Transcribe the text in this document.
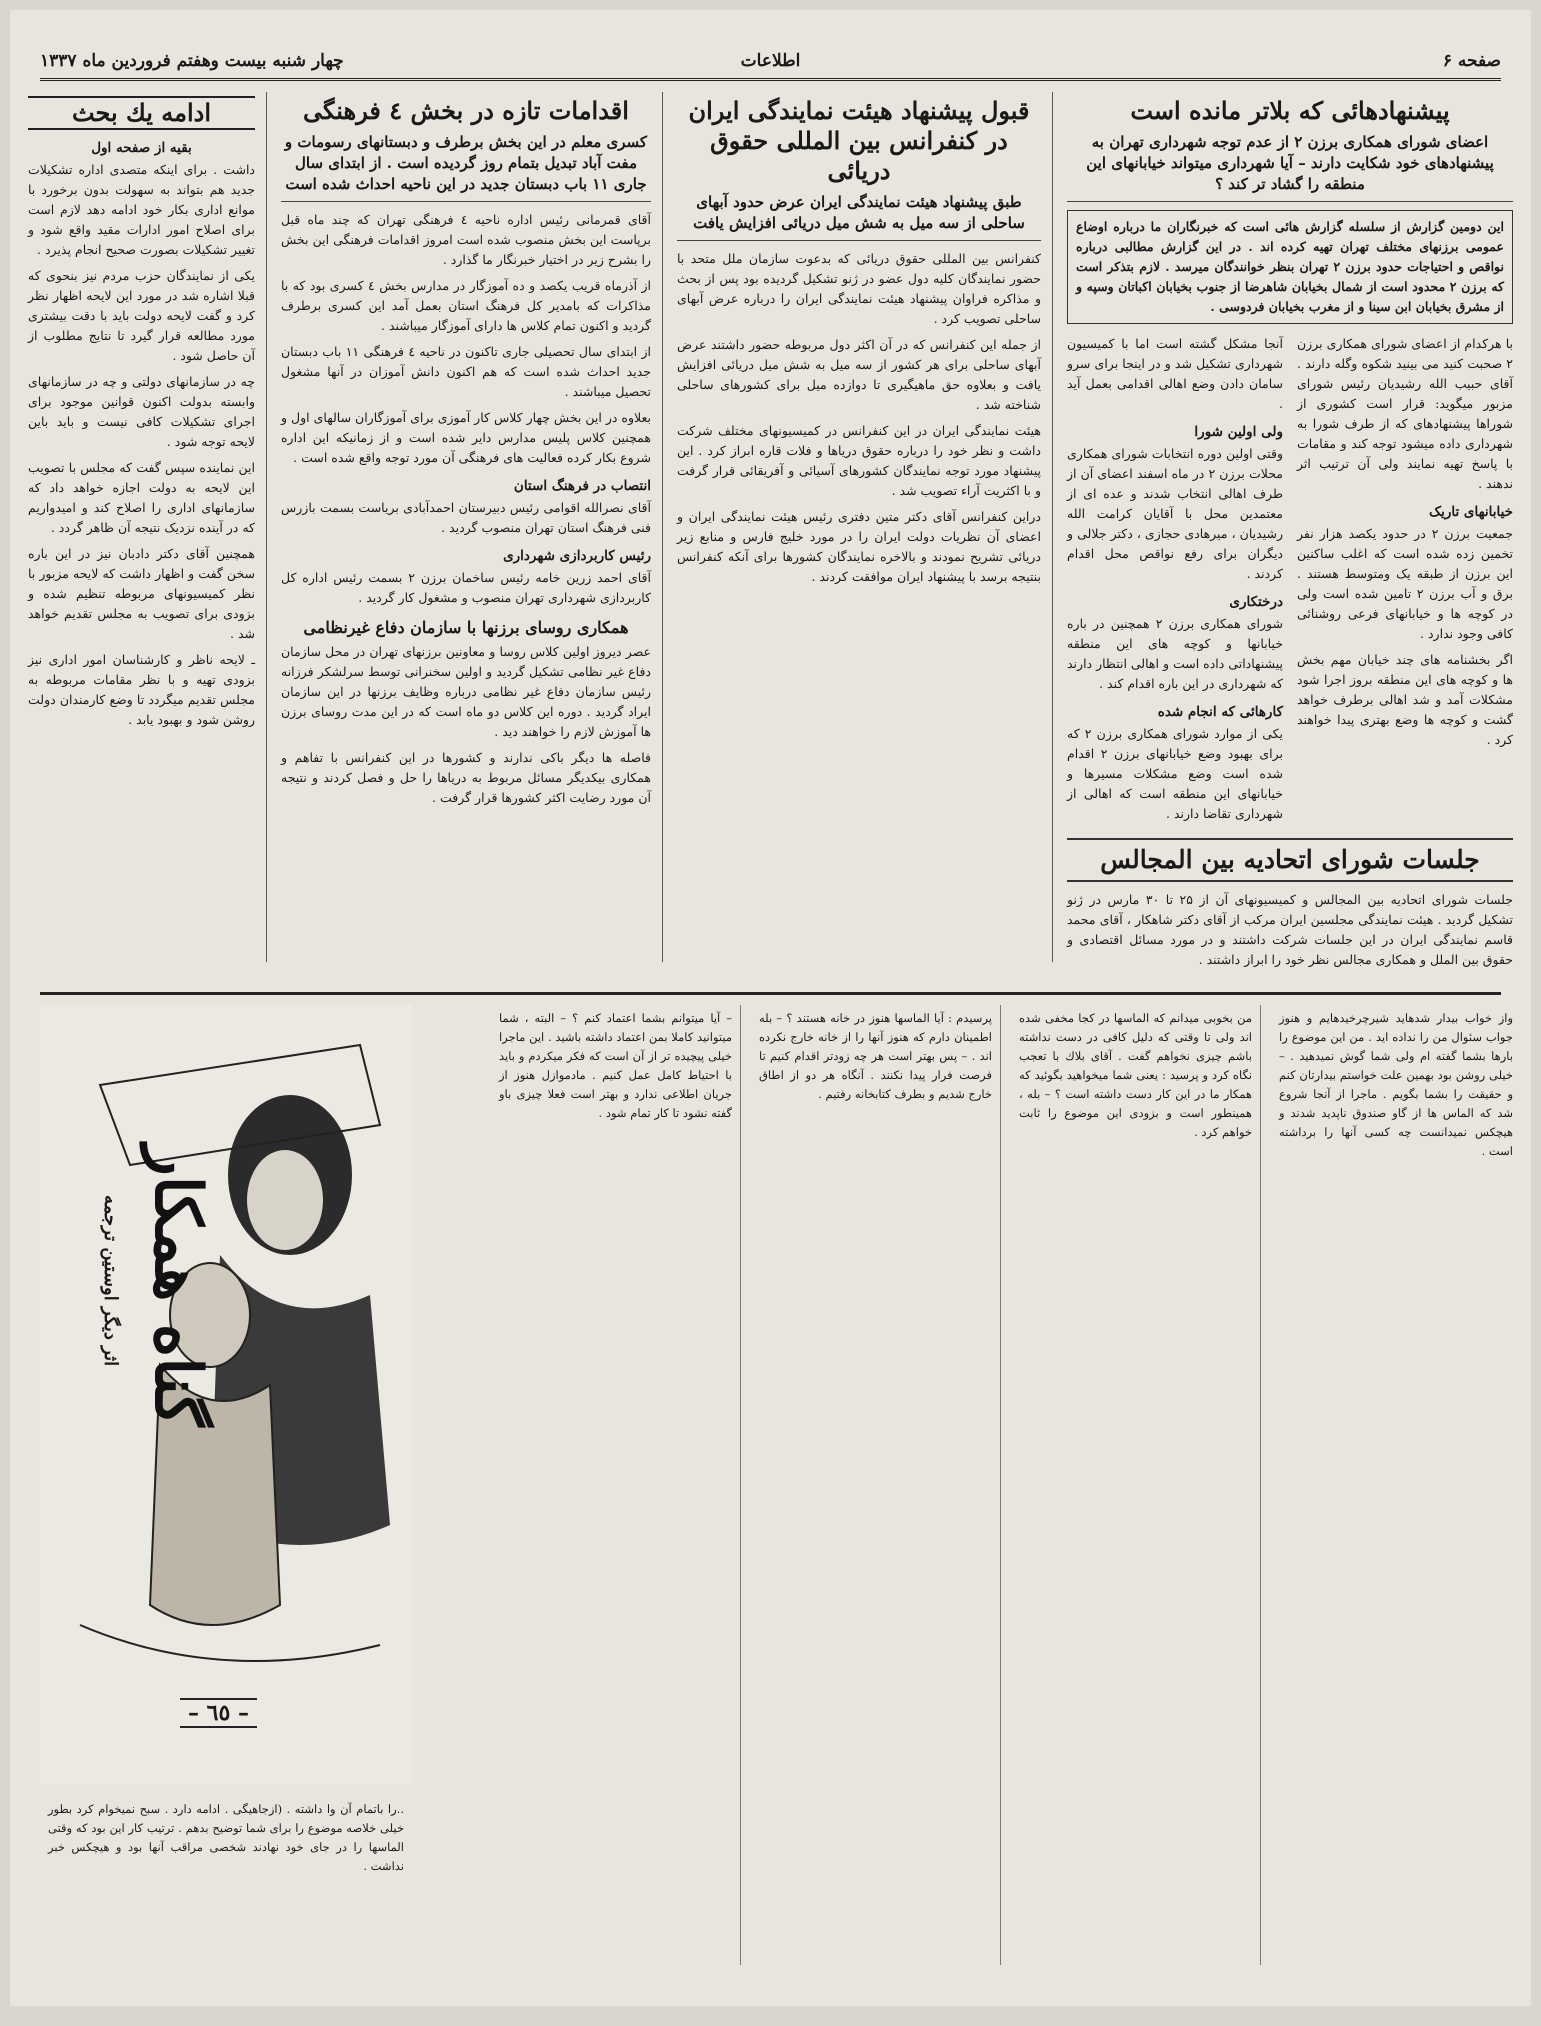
صفحه ۶
اطلاعات
چهار شنبه بیست وهفتم فروردین ماه ۱۳۳۷
پیشنهادهائی که بلاتر مانده است
اعضای شورای همکاری برزن ۲ از عدم توجه شهرداری تهران به پیشنهادهای خود شکایت دارند – آیا شهرداری میتواند خیابانهای این منطقه را گشاد تر کند ؟
این دومین گزارش از سلسله گزارش هائی است که خبرنگاران ما درباره اوضاع عمومی برزنهای مختلف تهران تهیه کرده اند . در این گزارش مطالبی درباره نواقص و احتیاجات حدود برزن ۲ تهران بنظر خوانندگان میرسد . لازم بتذکر است که برزن ۲ محدود است از شمال بخیابان شاهرضا از جنوب بخیابان اکباتان وسپه و از مشرق بخیابان ابن سینا و از مغرب بخیابان فردوسی .

با هرکدام از اعضای شورای همکاری برزن ۲ صحبت کنید می بینید شکوه وگله دارند . آقای حبیب الله رشیدیان رئیس شورای مزبور میگوید: قرار است کشوری از شوراها پیشنهادهای که از طرف شورا به شهرداری داده میشود توجه کند و مقامات با پاسخ تهیه نمایند ولی آن ترتیب اثر ندهند .

خیابانهای تاریک

جمعیت برزن ۲ در حدود یکصد هزار نفر تخمین زده شده است که اغلب ساکنین این برزن از طبقه یک ومتوسط هستند . برق و آب برزن ۲ تامین شده است ولی در کوچه ها و خیابانهای فرعی روشنائی کافی وجود ندارد .

اگر بخشنامه های چند خیابان مهم بخش ها و کوچه های این منطقه بروز اجرا شود مشکلات آمد و شد اهالی برطرف خواهد گشت و کوچه ها وضع بهتری پیدا خواهند کرد .

آنجا مشکل گشته است اما با کمیسیون شهرداری تشکیل شد و در اینجا برای سرو سامان دادن وضع اهالی اقدامی بعمل آید .

ولی اولین شورا

وقتی اولین دوره انتخابات شورای همکاری محلات برزن ۲ در ماه اسفند اعضای آن از طرف اهالی انتخاب شدند و عده ای از معتمدین محل با آقایان کرامت الله رشیدیان ، میرهادی حجازی ، دکتر جلالی و دیگران برای رفع نواقص محل اقدام کردند .

درختکاری

شورای همکاری برزن ۲ همچنین در باره خیابانها و کوچه های این منطقه پیشنهاداتی داده است و اهالی انتظار دارند که شهرداری در این باره اقدام کند .

کارهائی که انجام شده

یکی از موارد شورای همکاری برزن ۲ که برای بهبود وضع خیابانهای برزن ۲ اقدام شده است وضع مشکلات مسیرها و خیابانهای این منطقه است که اهالی از شهرداری تقاضا دارند .

جلسات شورای اتحادیه بین المجالس

جلسات شورای اتحادیه بین المجالس و کمیسیونهای آن از ۲۵ تا ۳۰ مارس در ژنو تشکیل گردید . هیئت نمایندگی مجلسین ایران مرکب از آقای دکتر شاهکار ، آقای محمد قاسم نمایندگی ایران در این جلسات شرکت داشتند و در مورد مسائل اقتصادی و حقوق بین الملل و همکاری مجالس نظر خود را ابراز داشتند .

قبول پیشنهاد هیئت نمایندگی ایران در کنفرانس بین المللی حقوق دریائی
طبق پیشنهاد هیئت نمایندگی ایران عرض حدود آبهای ساحلی از سه میل به شش میل دریائی افزایش یافت

کنفرانس بین المللی حقوق دریائی که بدعوت سازمان ملل متحد با حضور نمایندگان کلیه دول عضو در ژنو تشکیل گردیده بود پس از بحث و مذاکره فراوان پیشنهاد هیئت نمایندگی ایران را درباره عرض آبهای ساحلی تصویب کرد .

از جمله این کنفرانس که در آن اکثر دول مربوطه حضور داشتند عرض آبهای ساحلی برای هر کشور از سه میل به شش میل دریائی افزایش یافت و بعلاوه حق ماهیگیری تا دوازده میل برای کشورهای ساحلی شناخته شد .

هیئت نمایندگی ایران در این کنفرانس در کمیسیونهای مختلف شرکت داشت و نظر خود را درباره حقوق دریاها و فلات قاره ابراز کرد . این پیشنهاد مورد توجه نمایندگان کشورهای آسیائی و آفریقائی قرار گرفت و با اکثریت آراء تصویب شد .

دراین کنفرانس آقای دکتر متین دفتری رئیس هیئت نمایندگی ایران و اعضای آن نظریات دولت ایران را در مورد خلیج فارس و منابع زیر دریائی تشریح نمودند و بالاخره نمایندگان کشورها برای آنکه کنفرانس بنتیجه برسد با پیشنهاد ایران موافقت کردند .

اقدامات تازه در بخش ٤ فرهنگی
کسری معلم در این بخش برطرف و دبستانهای رسومات و مفت آباد تبدیل بتمام روز گردیده است . از ابتدای سال جاری ۱۱ باب دبستان جدید در این ناحیه احداث شده است

آقای قمرمانی رئیس اداره ناحیه ٤ فرهنگی تهران که چند ماه قبل برپاست این بخش منصوب شده است امروز اقدامات فرهنگی این بخش را بشرح زیر در اختیار خبرنگار ما گذارد .

از آذرماه قریب یکصد و ده آموزگار در مدارس بخش ٤ کسری بود که با مذاکرات که بامدیر کل فرهنگ استان بعمل آمد این کسری برطرف گردید و اکنون تمام کلاس ها دارای آموزگار میباشند .

از ابتدای سال تحصیلی جاری تاکنون در ناحیه ٤ فرهنگی ۱۱ باب دبستان جدید احداث شده است که هم اکنون دانش آموزان در آنها مشغول تحصیل میباشند .

بعلاوه در این بخش چهار کلاس کار آموزی برای آموزگاران سالهای اول و همچنین کلاس پلیس مدارس دایر شده است و از زمانیکه این اداره شروع بکار کرده فعالیت های فرهنگی آن مورد توجه واقع شده است .

انتصاب در فرهنگ استان

آقای نصرالله اقوامی رئیس دبیرستان احمدآبادی بریاست بسمت بازرس فنی فرهنگ استان تهران منصوب گردید .

رئیس کاربردازی شهرداری

آقای احمد زرین خامه رئیس ساخمان برزن ۲ بسمت رئیس اداره کل کاربردازی شهرداری تهران منصوب و مشغول کار گردید .

همکاری روسای برزنها با سازمان دفاع غیرنظامی

عصر دیروز اولین کلاس روسا و معاونین برزنهای تهران در محل سازمان دفاع غیر نظامی تشکیل گردید و اولین سخنرانی توسط سرلشکر فرزانه رئیس سازمان دفاع غیر نظامی درباره وظایف برزنها در این سازمان ایراد گردید . دوره این کلاس دو ماه است که در این مدت روسای برزن ها آموزش لازم را خواهند دید .

فاصله ها دیگر باکی ندارند و کشورها در این کنفرانس با تفاهم و همکاری بیکدیگر مسائل مربوط به دریاها را حل و فصل کردند و نتیجه آن مورد رضایت اکثر کشورها قرار گرفت .

ادامه یك بحث
بقیه از صفحه اول

داشت . برای اینکه متصدی اداره تشکیلات جدید هم بتواند به سهولت بدون برخورد با موانع اداری بکار خود ادامه دهد لازم است برای اصلاح امور ادارات مقید واقع شود و تغییر تشکیلات بصورت صحیح انجام پذیرد .

یکی از نمایندگان حزب مردم نیز بنحوی که قبلا اشاره شد در مورد این لایحه اظهار نظر کرد و گفت لایحه دولت باید با دقت بیشتری مورد مطالعه قرار گیرد تا نتایج مطلوب از آن حاصل شود .

چه در سازمانهای دولتی و چه در سازمانهای وابسته بدولت اکنون قوانین موجود برای اجرای تشکیلات کافی نیست و باید باین لایحه توجه شود .

این نماینده سپس گفت که مجلس با تصویب این لایحه به دولت اجازه خواهد داد که سازمانهای اداری را اصلاح کند و امیدواریم که در آینده نزدیک نتیجه آن ظاهر گردد .

همچنین آقای دکتر دادبان نیز در این باره سخن گفت و اظهار داشت که لایحه مزبور با نظر کمیسیونهای مربوطه تنظیم شده و بزودی برای تصویب به مجلس تقدیم خواهد شد .

ـ لایحه ناظر و کارشناسان امور اداری نیز بزودی تهیه و با نظر مقامات مربوطه به مجلس تقدیم میگردد تا وضع کارمندان دولت روشن شود و بهبود یابد .

واز خواب بیدار شدهاید شیرچرخیدهایم و هنوز جواب سئوال من را نداده اید . من این موضوع را بارها بشما گفته ام ولی شما گوش نمیدهید . – خیلی روشن بود بهمین علت خواستم بیدارتان کنم و حقیقت را بشما بگویم . ماجرا از آنجا شروع شد که الماس ها از گاو صندوق ناپدید شدند و هیچکس نمیدانست چه کسی آنها را برداشته است .
من بخوبی میدانم که الماسها در کجا مخفی شده اند ولی تا وقتی که دلیل کافی در دست نداشته باشم چیزی نخواهم گفت . آقای بلاك با تعجب نگاه کرد و پرسید : یعنی شما میخواهید بگوئید که همکار ما در این کار دست داشته است ؟ – بله ، همینطور است و بزودی این موضوع را ثابت خواهم کرد .
پرسیدم : آیا الماسها هنوز در خانه هستند ؟ – بله اطمینان دارم که هنوز آنها را از خانه خارج نکرده اند . – پس بهتر است هر چه زودتر اقدام کنیم تا فرصت فرار پیدا نکنند . آنگاه هر دو از اطاق خارج شدیم و بطرف کتابخانه رفتیم .
– آیا میتوانم بشما اعتماد کنم ؟ – البته ، شما میتوانید کاملا بمن اعتماد داشته باشید . این ماجرا خیلی پیچیده تر از آن است که فکر میکردم و باید با احتیاط کامل عمل کنیم . مادموازل هنوز از جریان اطلاعی ندارد و بهتر است فعلا چیزی باو گفته نشود تا کار تمام شود .
گناه همکار
اثر دیگر اوستین ترجمه
– ٦٥ –
..را باتمام آن وا داشته . (ازجاهیگی . ادامه دارد . سبح نمیخوام کرد بطور خیلی خلاصه موضوع را برای شما توضیح بدهم . ترتیب کار این بود که وقتی الماسها را در جای خود نهادند شخصی مراقب آنها بود و هیچکس خبر نداشت .
